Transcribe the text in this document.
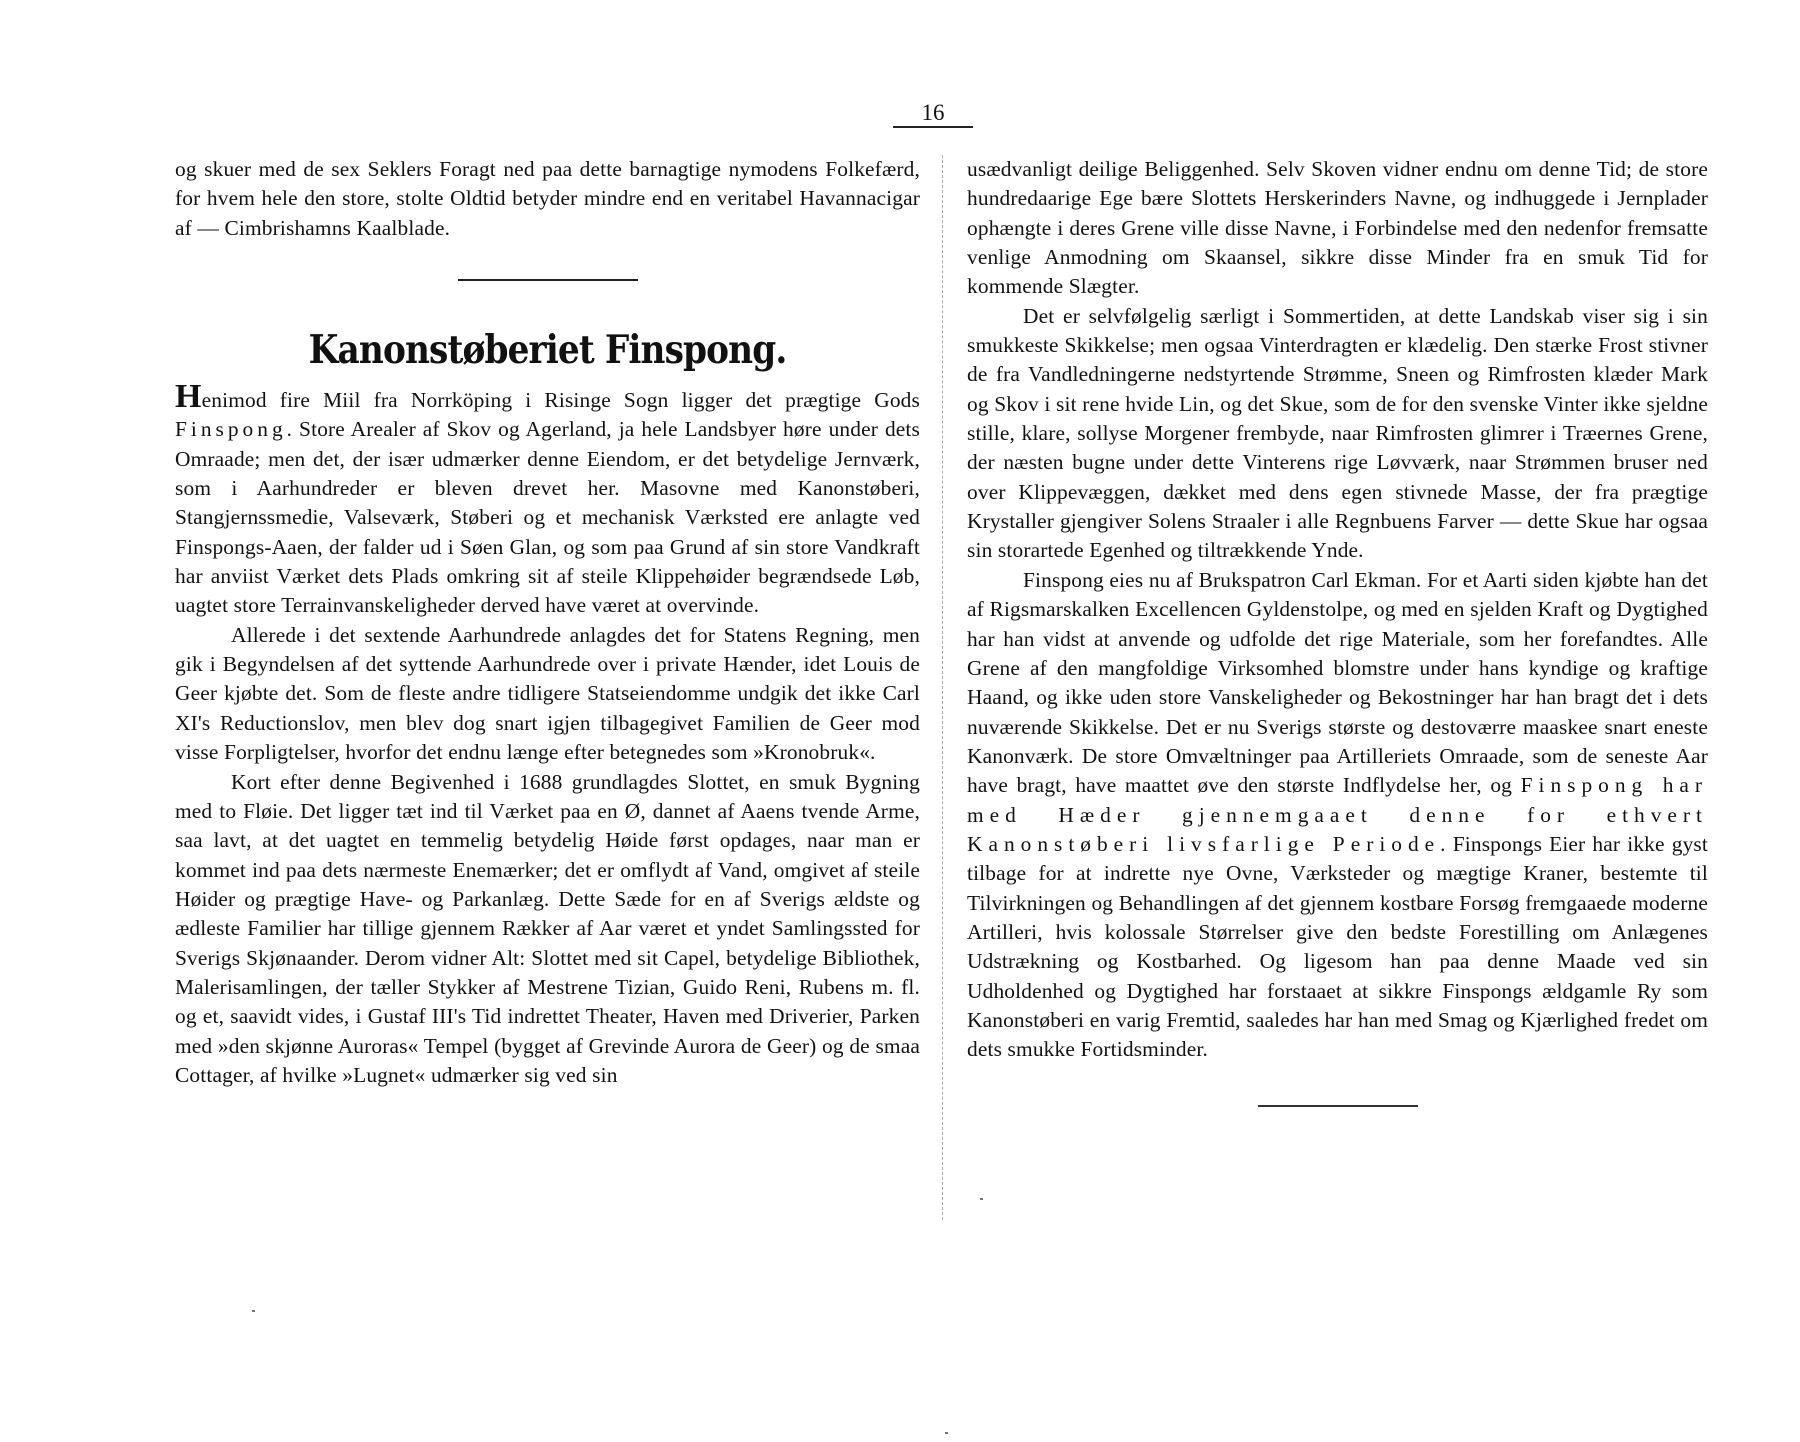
16

og skuer med de sex Seklers Foragt ned paa dette barnagtige nymodens Folkefærd, for hvem hele den store, stolte Oldtid betyder mindre end en veritabel Havannacigar af — Cimbrishamns Kaalblade.

Kanonstøberiet Finspong.

Henimod fire Miil fra Norrköping i Risinge Sogn ligger det prægtige Gods Finspong. Store Arealer af Skov og Agerland, ja hele Landsbyer høre under dets Omraade; men det, der især udmærker denne Eiendom, er det betydelige Jernværk, som i Aarhundreder er bleven drevet her. Masovne med Kanonstøberi, Stangjernssmedie, Valseværk, Støberi og et mechanisk Værksted ere anlagte ved Finspongs-Aaen, der falder ud i Søen Glan, og som paa Grund af sin store Vandkraft har anviist Værket dets Plads omkring sit af steile Klippehøider begrændsede Løb, uagtet store Terrainvanskeligheder derved have været at overvinde.

Allerede i det sextende Aarhundrede anlagdes det for Statens Regning, men gik i Begyndelsen af det syttende Aarhundrede over i private Hænder, idet Louis de Geer kjøbte det. Som de fleste andre tidligere Statseiendomme undgik det ikke Carl XI's Reductionslov, men blev dog snart igjen tilbagegivet Familien de Geer mod visse Forpligtelser, hvorfor det endnu længe efter betegnedes som »Kronobruk«.

Kort efter denne Begivenhed i 1688 grundlagdes Slottet, en smuk Bygning med to Fløie. Det ligger tæt ind til Værket paa en Ø, dannet af Aaens tvende Arme, saa lavt, at det uagtet en temmelig betydelig Høide først opdages, naar man er kommet ind paa dets nærmeste Enemærker; det er omflydt af Vand, omgivet af steile Høider og prægtige Have- og Parkanlæg. Dette Sæde for en af Sverigs ældste og ædleste Familier har tillige gjennem Rækker af Aar været et yndet Samlingssted for Sverigs Skjønaander. Derom vidner Alt: Slottet med sit Capel, betydelige Bibliothek, Malerisamlingen, der tæller Stykker af Mestrene Tizian, Guido Reni, Rubens m. fl. og et, saavidt vides, i Gustaf III's Tid indrettet Theater, Haven med Driverier, Parken med »den skjønne Auroras« Tempel (bygget af Grevinde Aurora de Geer) og de smaa Cottager, af hvilke »Lugnet« udmærker sig ved sin

usædvanligt deilige Beliggenhed. Selv Skoven vidner endnu om denne Tid; de store hundredaarige Ege bære Slottets Herskerinders Navne, og indhuggede i Jernplader ophængte i deres Grene ville disse Navne, i Forbindelse med den nedenfor fremsatte venlige Anmodning om Skaansel, sikkre disse Minder fra en smuk Tid for kommende Slægter.

Det er selvfølgelig særligt i Sommertiden, at dette Landskab viser sig i sin smukkeste Skikkelse; men ogsaa Vinterdragten er klædelig. Den stærke Frost stivner de fra Vandledningerne nedstyrtende Strømme, Sneen og Rimfrosten klæder Mark og Skov i sit rene hvide Lin, og det Skue, som de for den svenske Vinter ikke sjeldne stille, klare, sollyse Morgener frembyde, naar Rimfrosten glimrer i Træernes Grene, der næsten bugne under dette Vinterens rige Løvværk, naar Strømmen bruser ned over Klippevæggen, dækket med dens egen stivnede Masse, der fra prægtige Krystaller gjengiver Solens Straaler i alle Regnbuens Farver — dette Skue har ogsaa sin storartede Egenhed og tiltrækkende Ynde.

Finspong eies nu af Brukspatron Carl Ekman. For et Aarti siden kjøbte han det af Rigsmarskalken Excellencen Gyldenstolpe, og med en sjelden Kraft og Dygtighed har han vidst at anvende og udfolde det rige Materiale, som her forefandtes. Alle Grene af den mangfoldige Virksomhed blomstre under hans kyndige og kraftige Haand, og ikke uden store Vanskeligheder og Bekostninger har han bragt det i dets nuværende Skikkelse. Det er nu Sverigs største og destoværre maaskee snart eneste Kanonværk. De store Omvæltninger paa Artilleriets Omraade, som de seneste Aar have bragt, have maattet øve den største Indflydelse her, og Finspong har med Hæder gjennemgaaet denne for ethvert Kanonstøberi livsfarlige Periode. Finspongs Eier har ikke gyst tilbage for at indrette nye Ovne, Værksteder og mægtige Kraner, bestemte til Tilvirkningen og Behandlingen af det gjennem kostbare Forsøg fremgaaede moderne Artilleri, hvis kolossale Størrelser give den bedste Forestilling om Anlægenes Udstrækning og Kostbarhed. Og ligesom han paa denne Maade ved sin Udholdenhed og Dygtighed har forstaaet at sikkre Finspongs ældgamle Ry som Kanonstøberi en varig Fremtid, saaledes har han med Smag og Kjærlighed fredet om dets smukke Fortidsminder.
